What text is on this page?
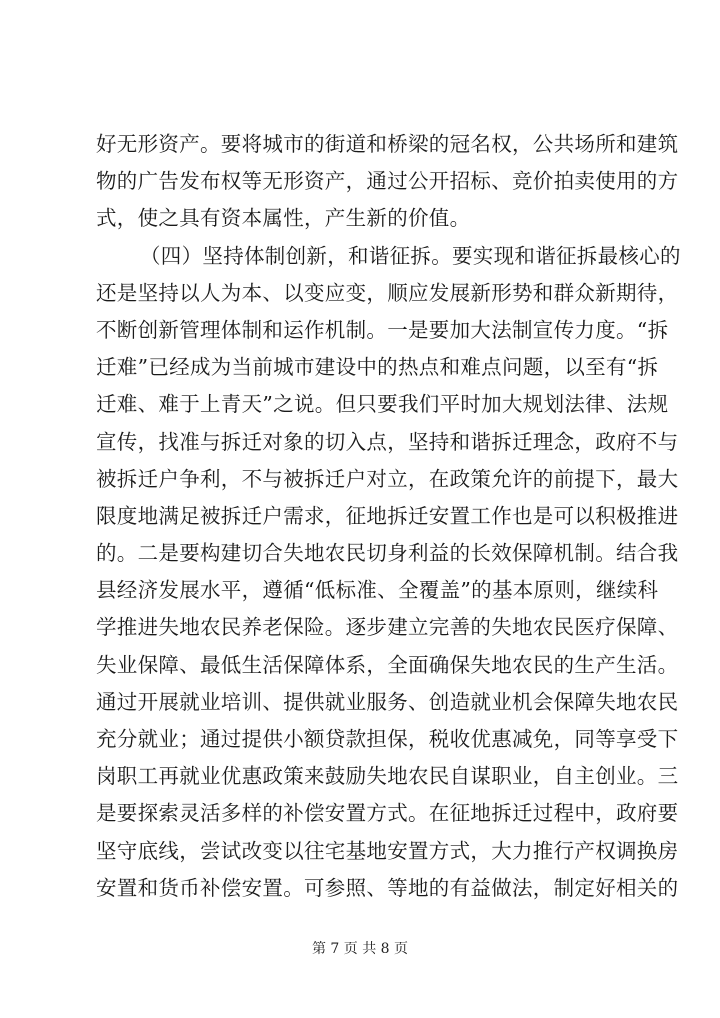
好无形资产。要将城市的街道和桥梁的冠名权，公共场所和建筑
物的广告发布权等无形资产，通过公开招标、竞价拍卖使用的方
式，使之具有资本属性，产生新的价值。
（四）坚持体制创新，和谐征拆。要实现和谐征拆最核心的
还是坚持以人为本、以变应变，顺应发展新形势和群众新期待，
不断创新管理体制和运作机制。一是要加大法制宣传力度。“拆
迁难”已经成为当前城市建设中的热点和难点问题，以至有“拆
迁难、难于上青天”之说。但只要我们平时加大规划法律、法规
宣传，找准与拆迁对象的切入点，坚持和谐拆迁理念，政府不与
被拆迁户争利，不与被拆迁户对立，在政策允许的前提下，最大
限度地满足被拆迁户需求，征地拆迁安置工作也是可以积极推进
的。二是要构建切合失地农民切身利益的长效保障机制。结合我
县经济发展水平，遵循“低标准、全覆盖”的基本原则，继续科
学推进失地农民养老保险。逐步建立完善的失地农民医疗保障、
失业保障、最低生活保障体系，全面确保失地农民的生产生活。
通过开展就业培训、提供就业服务、创造就业机会保障失地农民
充分就业；通过提供小额贷款担保，税收优惠减免，同等享受下
岗职工再就业优惠政策来鼓励失地农民自谋职业，自主创业。三
是要探索灵活多样的补偿安置方式。在征地拆迁过程中，政府要
坚守底线，尝试改变以往宅基地安置方式，大力推行产权调换房
安置和货币补偿安置。可参照、等地的有益做法，制定好相关的
第 7 页 共 8 页
